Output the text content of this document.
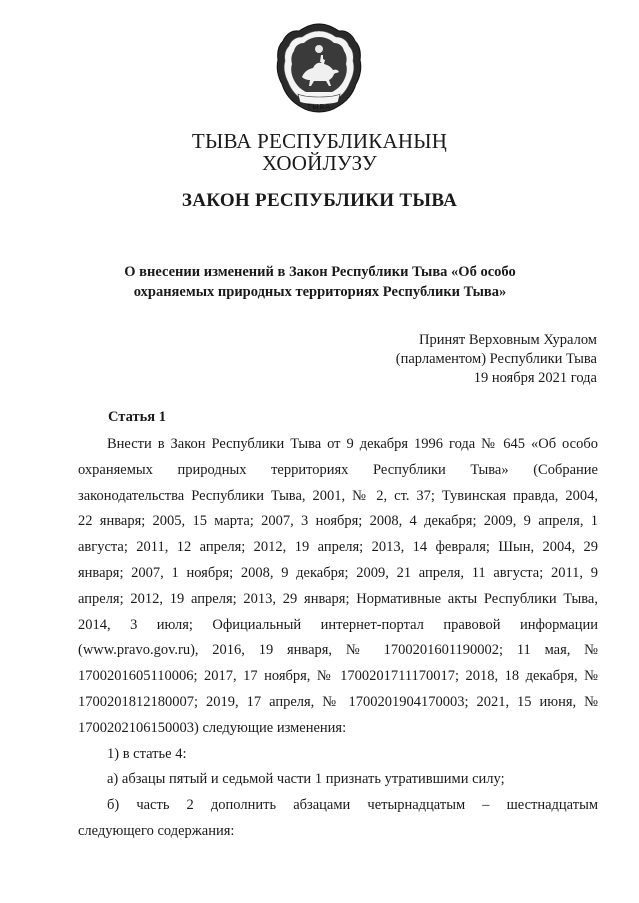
ТЫВА
ТЫВА РЕСПУБЛИКАНЫҢ
ХООЙЛУЗУ
ЗАКОН РЕСПУБЛИКИ ТЫВА
О внесении изменений в Закон Республики Тыва «Об особо
охраняемых природных территориях Республики Тыва»
Принят Верховным Хуралом
(парламентом) Республики Тыва
19 ноября 2021 года
Статья 1
Внести в Закон Республики Тыва от 9 декабря 1996 года № 645 «Об особо
охраняемых природных территориях Республики Тыва» (Собрание
законодательства Республики Тыва, 2001, № 2, ст. 37; Тувинская правда, 2004,
22 января; 2005, 15 марта; 2007, 3 ноября; 2008, 4 декабря; 2009, 9 апреля, 1
августа; 2011, 12 апреля; 2012, 19 апреля; 2013, 14 февраля; Шын, 2004, 29
января; 2007, 1 ноября; 2008, 9 декабря; 2009, 21 апреля, 11 августа; 2011, 9
апреля; 2012, 19 апреля; 2013, 29 января; Нормативные акты Республики Тыва,
2014, 3 июля; Официальный интернет-портал правовой информации
(www.pravo.gov.ru), 2016, 19 января, № 1700201601190002; 11 мая, №
1700201605110006; 2017, 17 ноября, № 1700201711170017; 2018, 18 декабря, №
1700201812180007; 2019, 17 апреля, № 1700201904170003; 2021, 15 июня, №
1700202106150003) следующие изменения:
1) в статье 4:
а) абзацы пятый и седьмой части 1 признать утратившими силу;
б) часть 2 дополнить абзацами четырнадцатым – шестнадцатым
следующего содержания:
